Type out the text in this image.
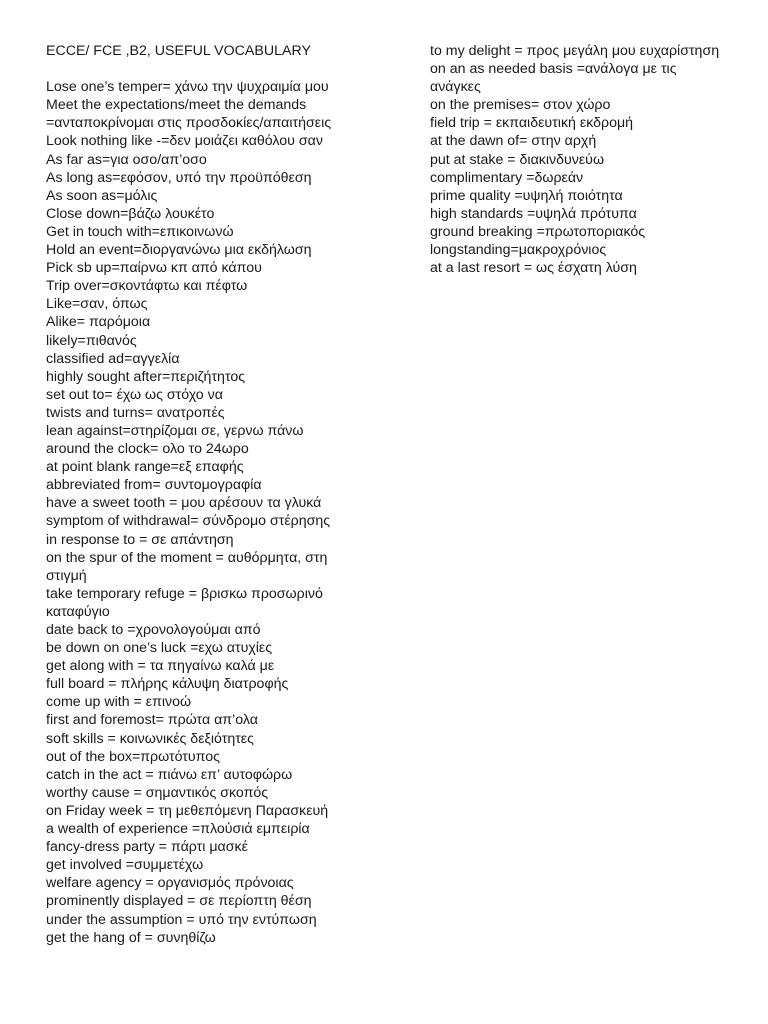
ECCE/ FCE ,B2, USEFUL VOCABULARY
Lose one’s temper= χάνω την ψυχραιμία μου
Meet the expectations/meet the demands =ανταποκρίνομαι στις προσδοκίες/απαιτήσεις
Look nothing like -=δεν μοιάζει καθόλου σαν
As far as=για οσο/απ’οσο
As long as=εφόσον, υπό την προϋπόθεση
As soon as=μόλις
Close down=βάζω λουκέτο
Get in touch with=επικοινωνώ
Hold an event=διοργανώνω μια εκδήλωση
Pick sb up=παίρνω κπ από κάπου
Trip over=σκοντάφτω και πέφτω
Like=σαν, όπως
Alike= παρόμοια
likely=πιθανός
classified ad=αγγελία
highly sought after=περιζήτητος
set out to= έχω ως στόχο να
twists and turns= ανατροπές
lean against=στηρίζομαι σε, γερνω πάνω
around the clock= ολο το 24ωρο
at point blank range=εξ επαφής
abbreviated from= συντομογραφία
have a sweet tooth = μου αρέσουν τα γλυκά
symptom of withdrawal= σύνδρομο στέρησης
in response to = σε απάντηση
on the spur of the moment = αυθόρμητα, στη στιγμή
take temporary refuge = βρισκω προσωρινό καταφύγιο
date back to =χρονολογούμαι από
be down on one’s luck =εχω ατυχίες
get along with = τα πηγαίνω καλά με
full board = πλήρης κάλυψη διατροφής
come up with = επινοώ
first and foremost= πρώτα απ’ολα
soft skills = κοινωνικές δεξιότητες
out of the box=πρωτότυπος
catch in the act = πιάνω επ’ αυτοφώρω
worthy cause = σημαντικός σκοπός
on Friday week = τη μεθεπόμενη Παρασκευή
a wealth of experience =πλούσιά εμπειρία
fancy-dress party = πάρτι μασκέ
get involved =συμμετέχω
welfare agency = οργανισμός πρόνοιας
prominently displayed = σε περίοπτη θέση
under the assumption = υπό την εντύπωση
get the hang of = συνηθίζω
to my delight = προς μεγάλη μου ευχαρίστηση
on an as needed basis =ανάλογα με τις ανάγκες
on the premises= στον χώρο
field trip = εκπαιδευτική εκδρομή
at the dawn of= στην αρχή
put at stake = διακινδυνεύω
complimentary =δωρεάν
prime quality =υψηλή ποιότητα
high standards =υψηλά πρότυπα
ground breaking =πρωτοποριακός
longstanding=μακροχρόνιος
at a last resort = ως έσχατη λύση
